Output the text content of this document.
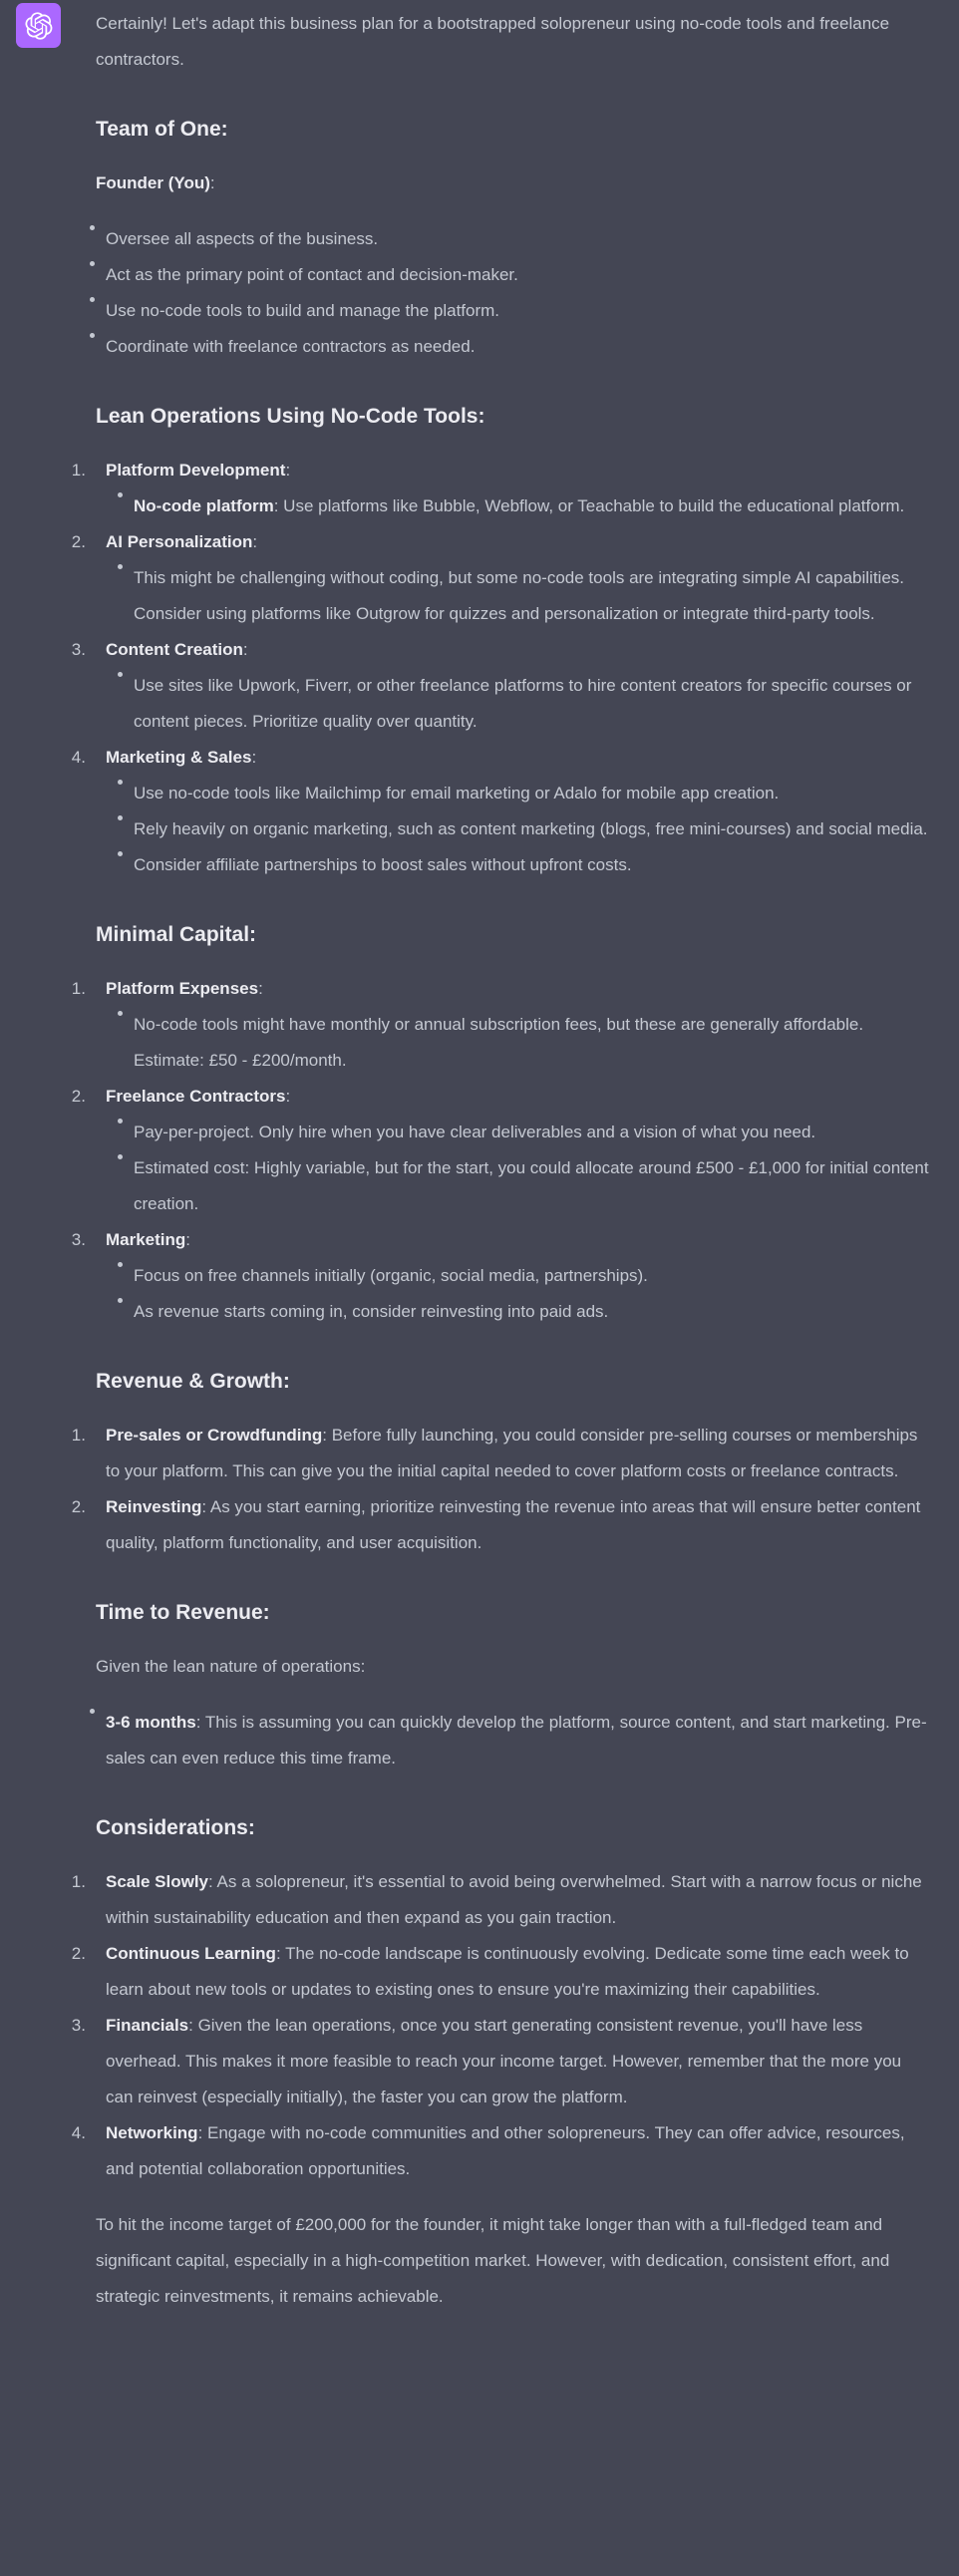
Certainly! Let's adapt this business plan for a bootstrapped solopreneur using no-code tools and freelance contractors.

Team of One:

Founder (You):

Oversee all aspects of the business.
Act as the primary point of contact and decision-maker.
Use no-code tools to build and manage the platform.
Coordinate with freelance contractors as needed.
Lean Operations Using No-Code Tools:
Platform Development:
No-code platform: Use platforms like Bubble, Webflow, or Teachable to build the educational platform.
AI Personalization:
This might be challenging without coding, but some no-code tools are integrating simple AI capabilities. Consider using platforms like Outgrow for quizzes and personalization or integrate third-party tools.
Content Creation:
Use sites like Upwork, Fiverr, or other freelance platforms to hire content creators for specific courses or content pieces. Prioritize quality over quantity.
Marketing & Sales:
Use no-code tools like Mailchimp for email marketing or Adalo for mobile app creation.
Rely heavily on organic marketing, such as content marketing (blogs, free mini-courses) and social media.
Consider affiliate partnerships to boost sales without upfront costs.
Minimal Capital:
Platform Expenses:
No-code tools might have monthly or annual subscription fees, but these are generally affordable. Estimate: £50 - £200/month.
Freelance Contractors:
Pay-per-project. Only hire when you have clear deliverables and a vision of what you need.
Estimated cost: Highly variable, but for the start, you could allocate around £500 - £1,000 for initial content creation.
Marketing:
Focus on free channels initially (organic, social media, partnerships).
As revenue starts coming in, consider reinvesting into paid ads.
Revenue & Growth:
Pre-sales or Crowdfunding: Before fully launching, you could consider pre-selling courses or memberships to your platform. This can give you the initial capital needed to cover platform costs or freelance contracts.
Reinvesting: As you start earning, prioritize reinvesting the revenue into areas that will ensure better content quality, platform functionality, and user acquisition.
Time to Revenue:

Given the lean nature of operations:

3-6 months: This is assuming you can quickly develop the platform, source content, and start marketing. Pre-sales can even reduce this time frame.
Considerations:
Scale Slowly: As a solopreneur, it's essential to avoid being overwhelmed. Start with a narrow focus or niche within sustainability education and then expand as you gain traction.
Continuous Learning: The no-code landscape is continuously evolving. Dedicate some time each week to learn about new tools or updates to existing ones to ensure you're maximizing their capabilities.
Financials: Given the lean operations, once you start generating consistent revenue, you'll have less overhead. This makes it more feasible to reach your income target. However, remember that the more you can reinvest (especially initially), the faster you can grow the platform.
Networking: Engage with no-code communities and other solopreneurs. They can offer advice, resources, and potential collaboration opportunities.

To hit the income target of £200,000 for the founder, it might take longer than with a full-fledged team and significant capital, especially in a high-competition market. However, with dedication, consistent effort, and strategic reinvestments, it remains achievable.
